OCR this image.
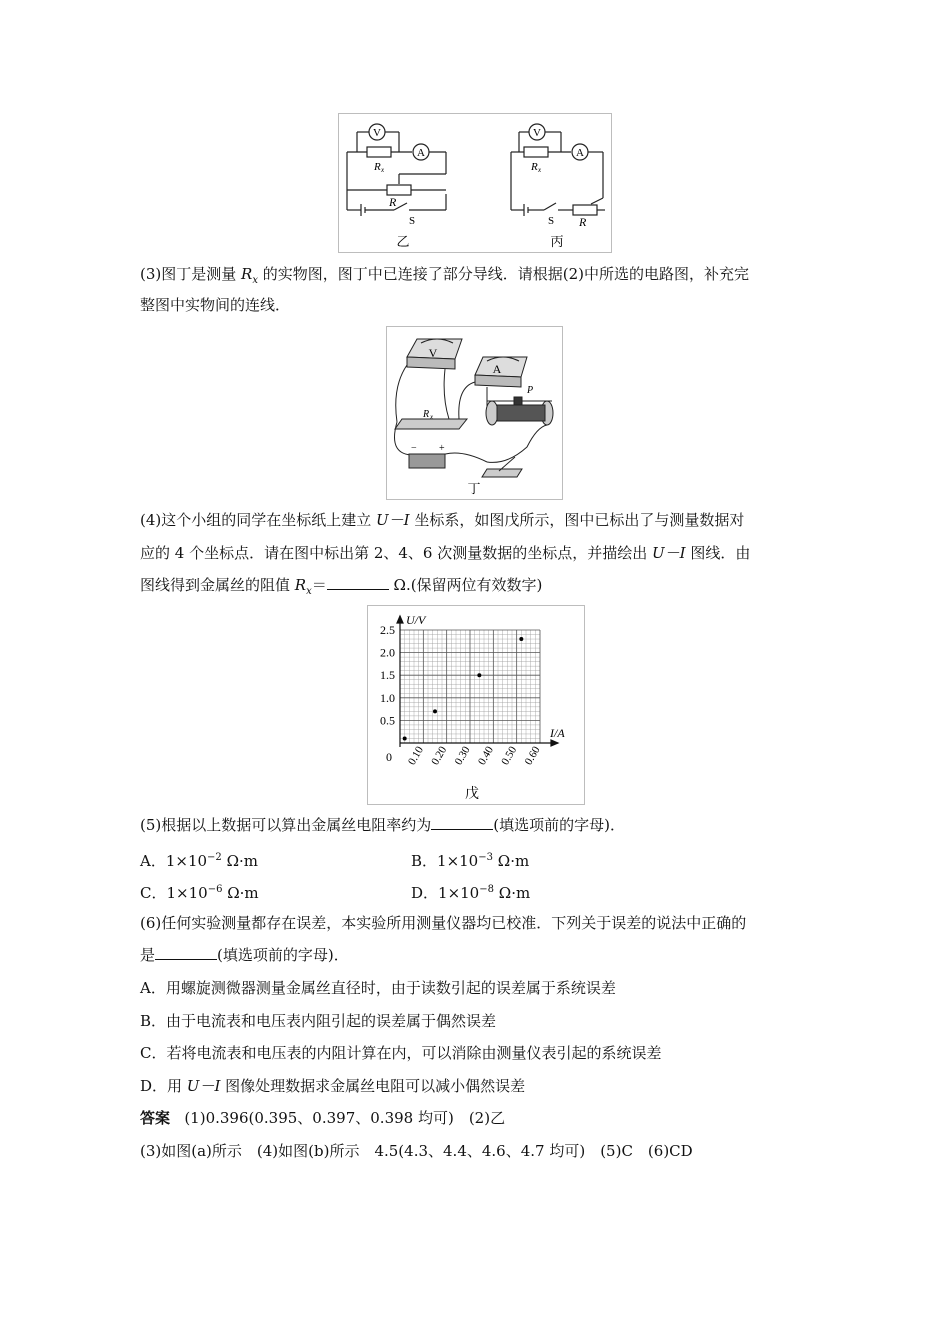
V
A
R x
R
S
乙
V
A
R x
S R
丙
(3)图丁是测量 $R_x$ 的实物图，图丁中已连接了部分导线．请根据(2)中所选的电路图，补充完
整图中实物间的连线．
V
A
R x
P
− +
丁
(4)这个小组的同学在坐标纸上建立 U－I 坐标系，如图戊所示，图中已标出了与测量数据对
应的 4 个坐标点．请在图中标出第 2、4、6 次测量数据的坐标点，并描绘出 U－I 图线．由
图线得到金属丝的阻值 $R_x=$	Ω.(保留两位有效数字)
0.5
1.0
1.5
2.0
2.5
0.10 0.20 0.30 0.40 0.50 0.60
I/A
U/V
0
戊
(5)根据以上数据可以算出金属丝电阻率约为	(填选项前的字母)．
A．$1\times 10^{-2}$ Ω·m	B．$1\times 10^{-3}$ Ω·m
C．$1\times 10^{-6}$ Ω·m	D．$1\times 10^{-8}$ Ω·m
(6)任何实验测量都存在误差，本实验所用测量仪器均已校准．下列关于误差的说法中正确的
是	(填选项前的字母)．
A．用螺旋测微器测量金属丝直径时，由于读数引起的误差属于系统误差
B．由于电流表和电压表内阻引起的误差属于偶然误差
C．若将电流表和电压表的内阻计算在内，可以消除由测量仪表引起的系统误差
D．用 U－I 图像处理数据求金属丝电阻可以减小偶然误差
答案 (1)0.396(0.395、0.397、0.398 均可)　(2)乙
(3)如图(a)所示　(4)如图(b)所示　4.5(4.3、4.4、4.6、4.7 均可)　(5)C　(6)CD
